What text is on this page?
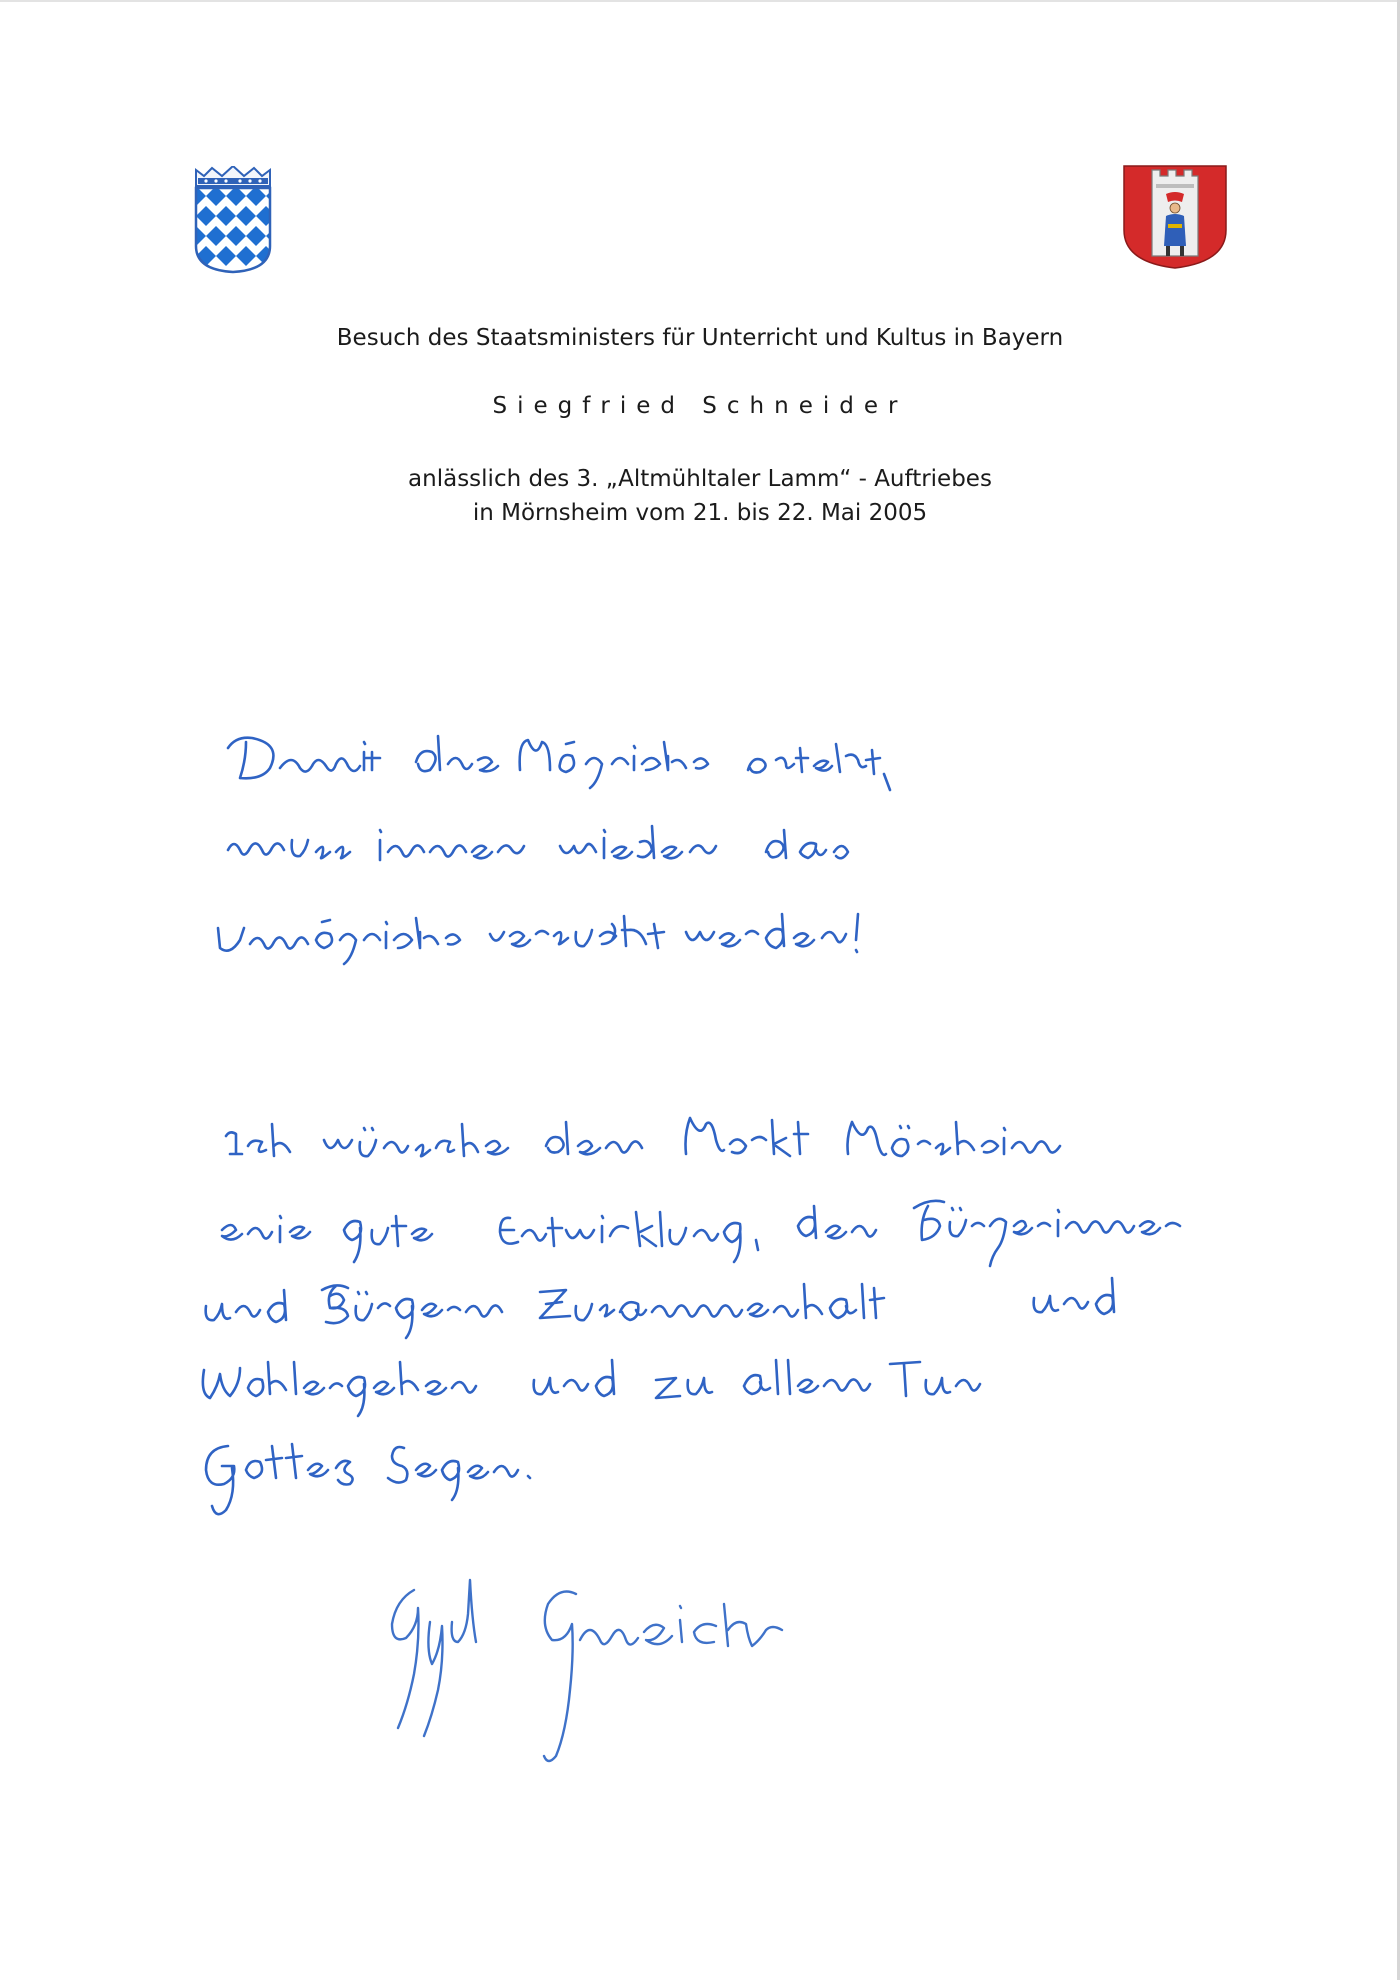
Besuch des Staatsministers für Unterricht und Kultus in Bayern
Siegfried Schneider
anlässlich des 3. „Altmühltaler Lamm“ - Auftriebes
in Mörnsheim vom 21. bis 22. Mai 2005
